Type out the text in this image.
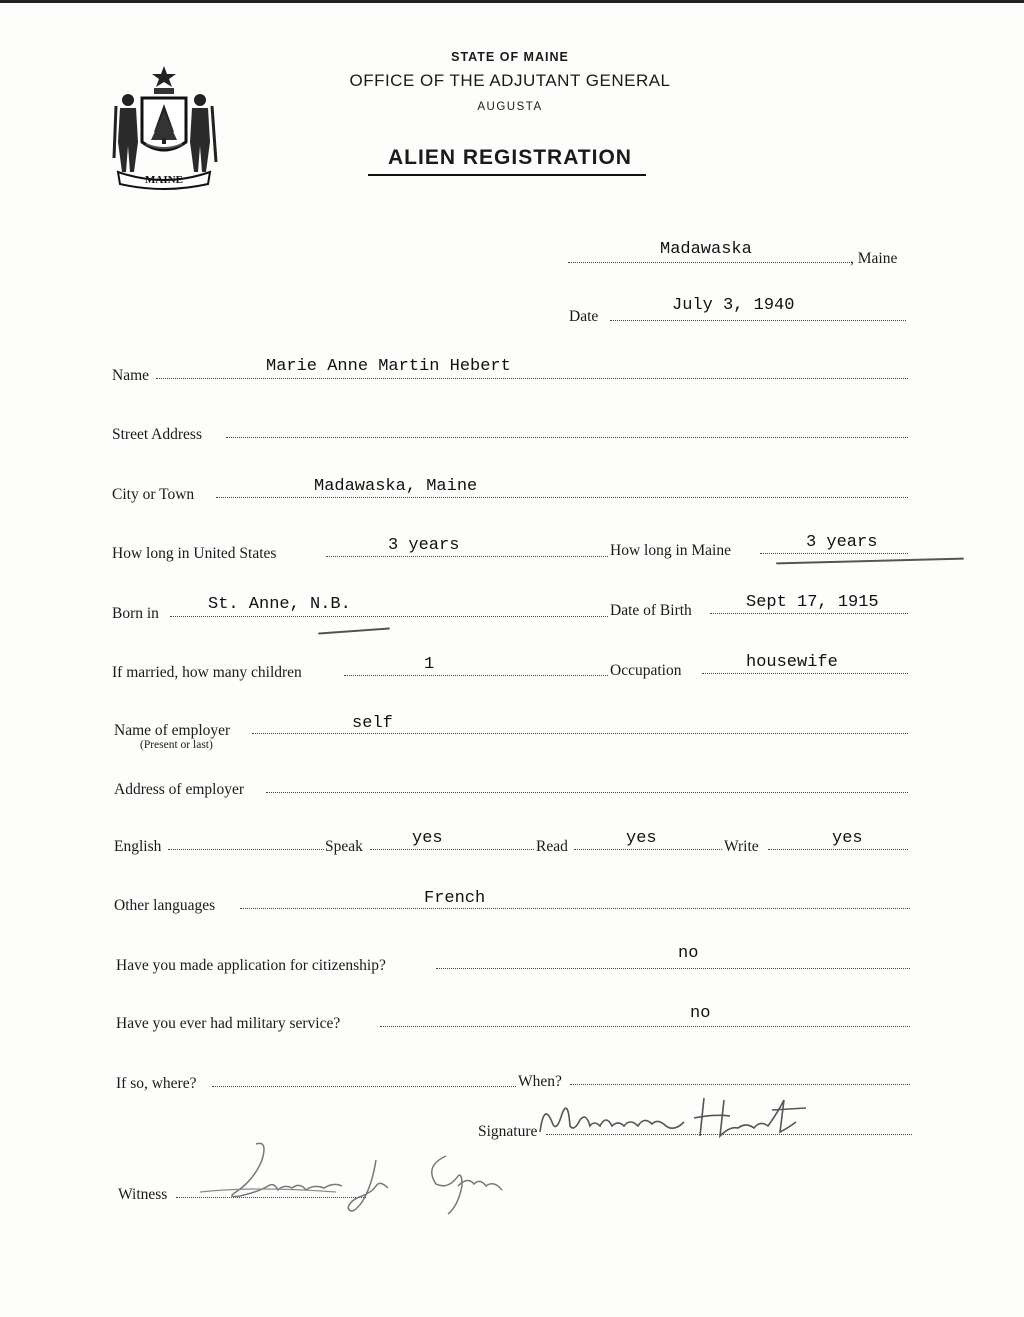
MAINE
STATE OF MAINE
OFFICE OF THE ADJUTANT GENERAL
AUGUSTA
ALIEN REGISTRATION
Madawaska	, Maine
Date
July 3, 1940
Name	Marie Anne Martin Hebert
Street Address
City or Town	Madawaska, Maine
How long in United States	3 years	How long in Maine	3 years
Born in	St. Anne, N.B.	Date of Birth	Sept 17, 1915
If married, how many children	1	Occupation	housewife
Name of employer
(Present or last)
self
Address of employer
English	Speak	yes	Read	yes	Write	yes
Other languages	French
Have you made application for citizenship?
no
Have you ever had military service?
no
If so, where?	When?
Signature
Witness
